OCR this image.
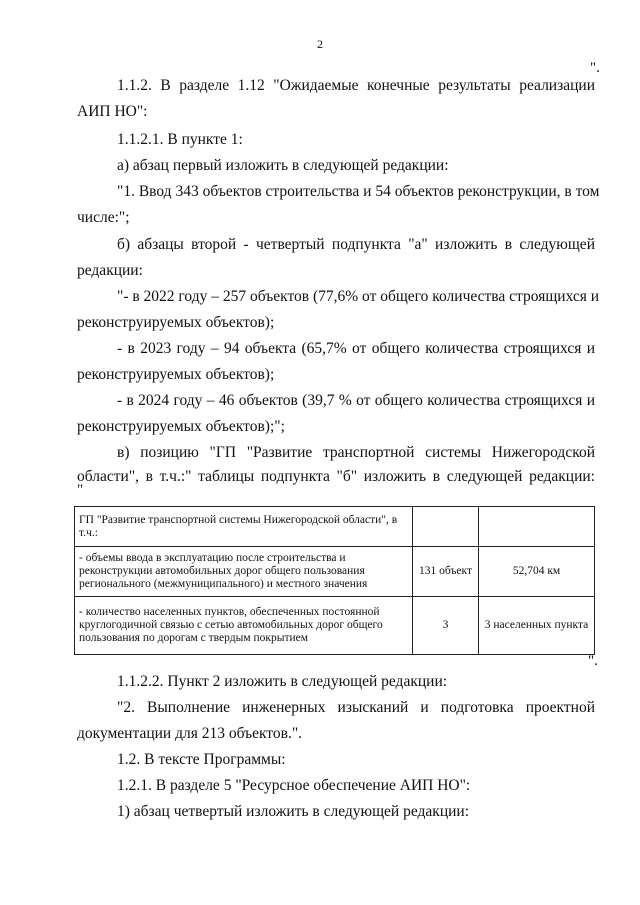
2
".
1.1.2. В разделе 1.12 "Ожидаемые конечные результаты реализации
АИП НО":
1.1.2.1. В пункте 1:
а) абзац первый изложить в следующей редакции:
"1. Ввод 343 объектов строительства и 54 объектов реконструкции, в том
числе:";
б) абзацы второй - четвертый подпункта "а" изложить в следующей
редакции:
"- в 2022 году – 257 объектов (77,6% от общего количества строящихся и
реконструируемых объектов);
- в 2023 году – 94 объекта (65,7% от общего количества строящихся и
реконструируемых объектов);
- в 2024 году – 46 объектов (39,7 % от общего количества строящихся и
реконструируемых объектов);";
в) позицию "ГП "Развитие транспортной системы Нижегородской
области", в т.ч.:" таблицы подпункта "б" изложить в следующей редакции:
"
ГП "Развитие транспортной системы Нижегородской области", в т.ч.:		
- объемы ввода в эксплуатацию после строительства и реконструкции автомобильных дорог общего пользования регионального (межмуниципального) и местного значения	131 объект	52,704 км
- количество населенных пунктов, обеспеченных постоянной круглогодичной связью с сетью автомобильных дорог общего пользования по дорогам с твердым покрытием	3	3 населенных пункта
".
1.1.2.2. Пункт 2 изложить в следующей редакции:
"2. Выполнение инженерных изысканий и подготовка проектной
документации для 213 объектов.".
1.2. В тексте Программы:
1.2.1. В разделе 5 "Ресурсное обеспечение АИП НО":
1) абзац четвертый изложить в следующей редакции:
